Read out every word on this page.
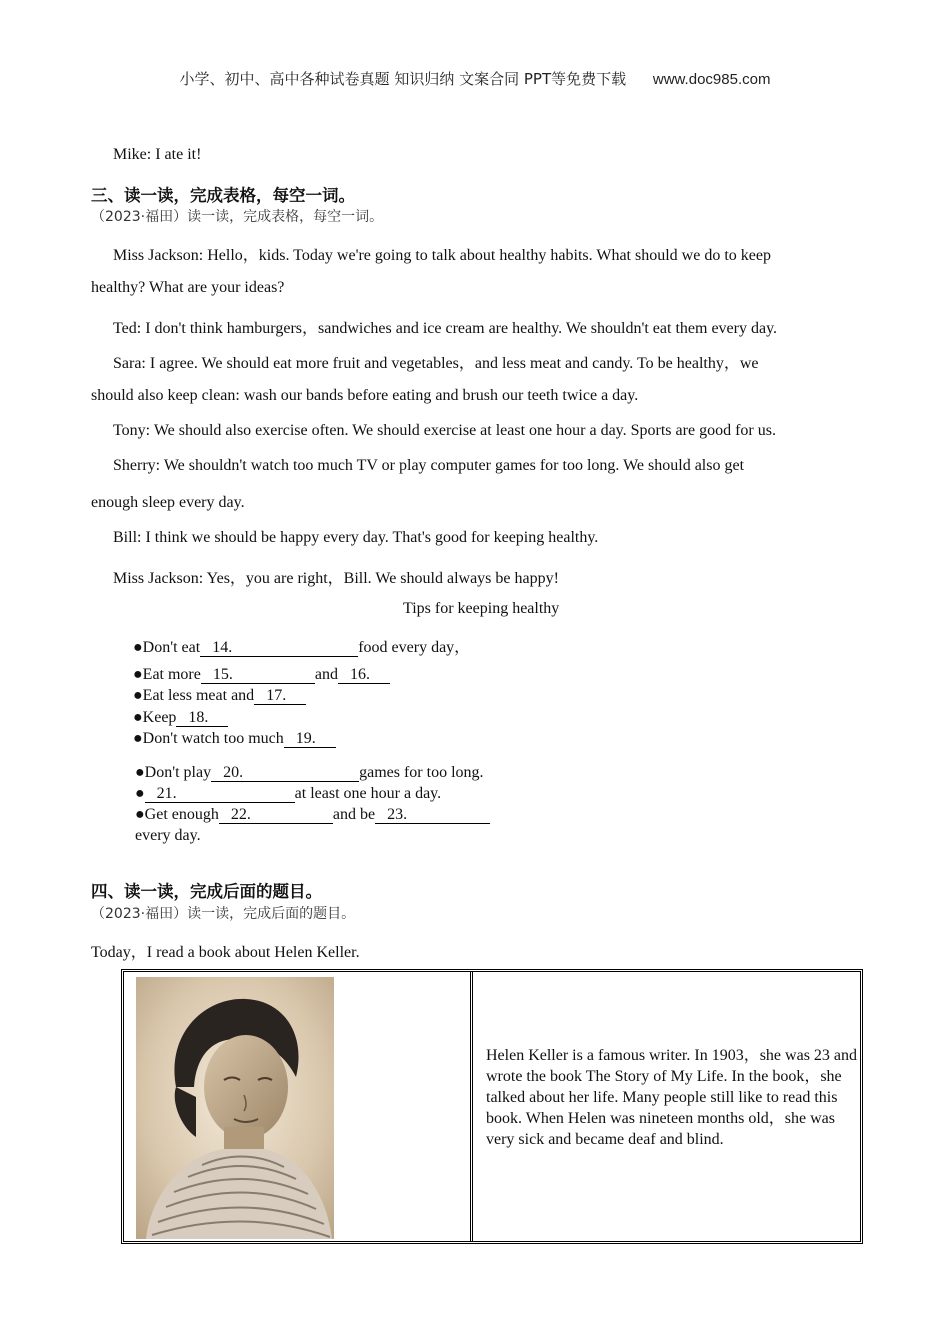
小学、初中、高中各种试卷真题 知识归纳 文案合同 PPT等免费下载 www.doc985.com
Mike: I ate it!
三、读一读，完成表格，每空一词。
（2023·福田）读一读，完成表格，每空一词。
Miss Jackson: Hello，kids. Today we're going to talk about healthy habits. What should we do to keep
healthy? What are your ideas?
Ted: I don't think hamburgers，sandwiches and ice cream are healthy. We shouldn't eat them every day.
Sara: I agree. We should eat more fruit and vegetables，and less meat and candy. To be healthy，we
should also keep clean: wash our bands before eating and brush our teeth twice a day.
Tony: We should also exercise often. We should exercise at least one hour a day. Sports are good for us.
Sherry: We shouldn't watch too much TV or play computer games for too long. We should also get
enough sleep every day.
Bill: I think we should be happy every day. That's good for keeping healthy.
Miss Jackson: Yes，you are right，Bill. We should always be happy!
Tips for keeping healthy
●Don't eat 14.	food every day，
●Eat more 15.	and 16.
●Eat less meat and 17.
●Keep 18.
●Don't watch too much 19.
●Don't play 20.	games for too long.
● 21.	at least one hour a day.
●Get enough 22.	and be 23.
every day.
四、读一读，完成后面的题目。
（2023·福田）读一读，完成后面的题目。
Today，I read a book about Helen Keller.
Helen Keller is a famous writer. In 1903，she was 23 and wrote the book The Story of My Life. In the book，she talked about her life. Many people still like to read this book. When Helen was nineteen months old，she was very sick and became deaf and blind.
